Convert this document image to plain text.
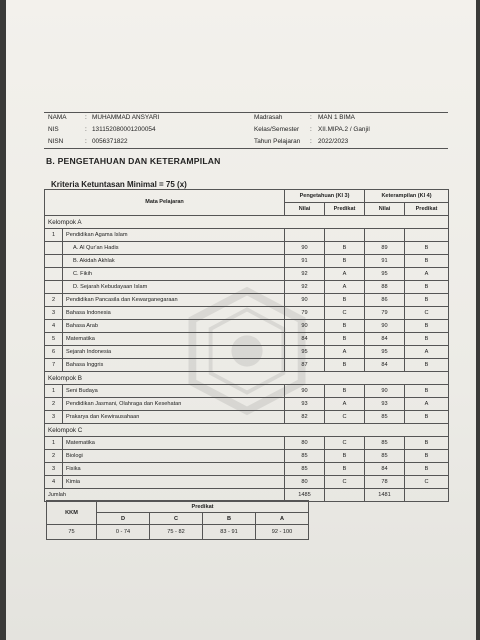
NAMA	: MUHAMMAD ANSYARI
NIS	: 131152080001200054
NISN	: 0056371822
Madrasah	: MAN 1 BIMA
Kelas/Semester : XII.MIPA.2 / Ganjil
Tahun Pelajaran : 2022/2023
B. PENGETAHUAN DAN KETERAMPILAN
Kriteria Ketuntasan Minimal = 75 (x)
Mata Pelajaran		Pengetahuan (KI 3)		Keterampilan (KI 4)	
		Nilai	Predikat	Nilai	Predikat
Kelompok A					
1	Pendidikan Agama Islam				
	A. Al Qur'an Hadis	90	B	89	B
	B. Akidah Akhlak	91	B	91	B
	C. Fikih	92	A	95	A
	D. Sejarah Kebudayaan Islam	92	A	88	B
2	Pendidikan Pancasila dan Kewarganegaraan	90	B	86	B
3	Bahasa Indonesia	79	C	79	C
4	Bahasa Arab	90	B	90	B
5	Matematika	84	B	84	B
6	Sejarah Indonesia	95	A	95	A
7	Bahasa Inggris	87	B	84	B
Kelompok B					
1	Seni Budaya	90	B	90	B
2	Pendidikan Jasmani, Olahraga dan Kesehatan	93	A	93	A
3	Prakarya dan Kewirausahaan	82	C	85	B
Kelompok C					
1	Matematika	80	C	85	B
2	Biologi	85	B	85	B
3	Fisika	85	B	84	B
4	Kimia	80	C	78	C
Jumlah		1485		1481	
KKM	Predikat			
	D	C	B	A
75	0 - 74	75 - 82	83 - 91	92 - 100
